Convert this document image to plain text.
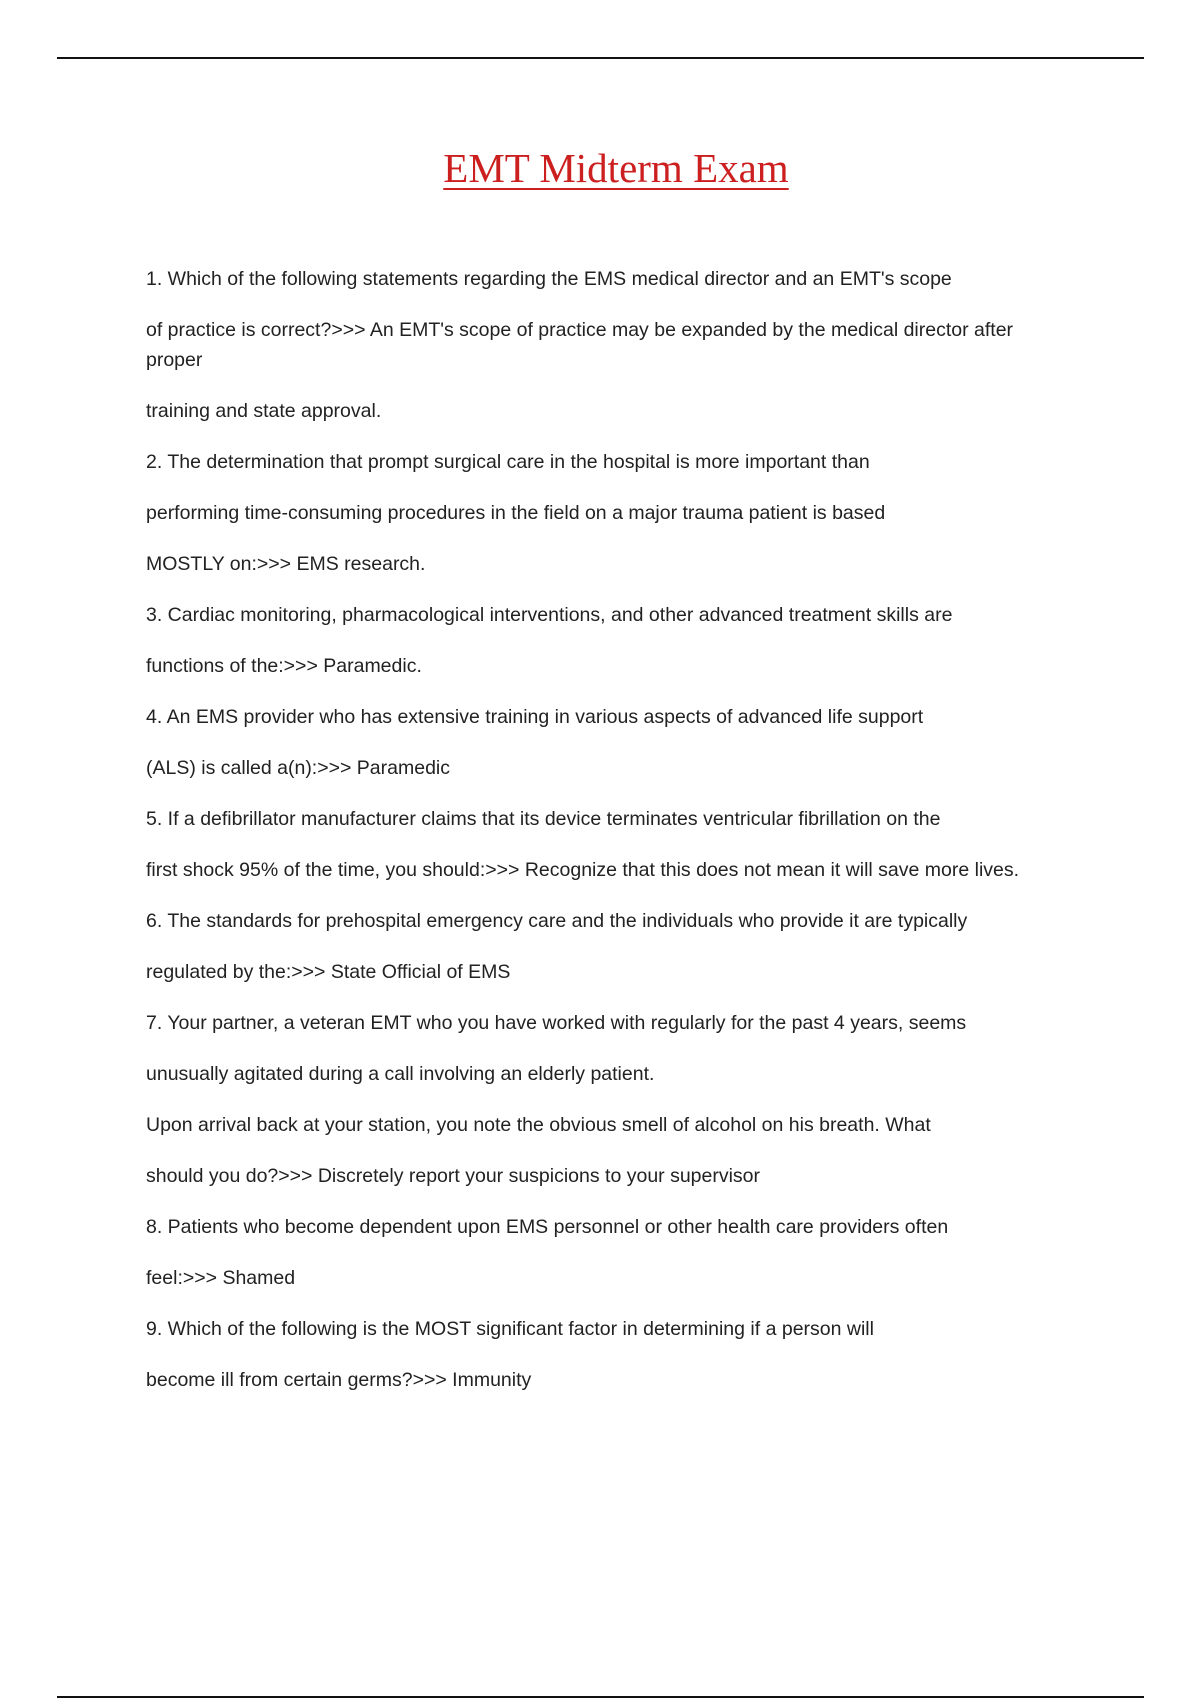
EMT Midterm Exam

1. Which of the following statements regarding the EMS medical director and an EMT's scope

of practice is correct?>>> An EMT's scope of practice may be expanded by the medical director after proper

training and state approval.

2. The determination that prompt surgical care in the hospital is more important than

performing time-consuming procedures in the field on a major trauma patient is based

MOSTLY on:>>> EMS research.

3. Cardiac monitoring, pharmacological interventions, and other advanced treatment skills are

functions of the:>>> Paramedic.

4. An EMS provider who has extensive training in various aspects of advanced life support

(ALS) is called a(n):>>> Paramedic

5. If a defibrillator manufacturer claims that its device terminates ventricular fibrillation on the

first shock 95% of the time, you should:>>> Recognize that this does not mean it will save more lives.

6. The standards for prehospital emergency care and the individuals who provide it are typically

regulated by the:>>> State Official of EMS

7. Your partner, a veteran EMT who you have worked with regularly for the past 4 years, seems

unusually agitated during a call involving an elderly patient.

Upon arrival back at your station, you note the obvious smell of alcohol on his breath. What

should you do?>>> Discretely report your suspicions to your supervisor

8. Patients who become dependent upon EMS personnel or other health care providers often

feel:>>> Shamed

9. Which of the following is the MOST significant factor in determining if a person will

become ill from certain germs?>>> Immunity
